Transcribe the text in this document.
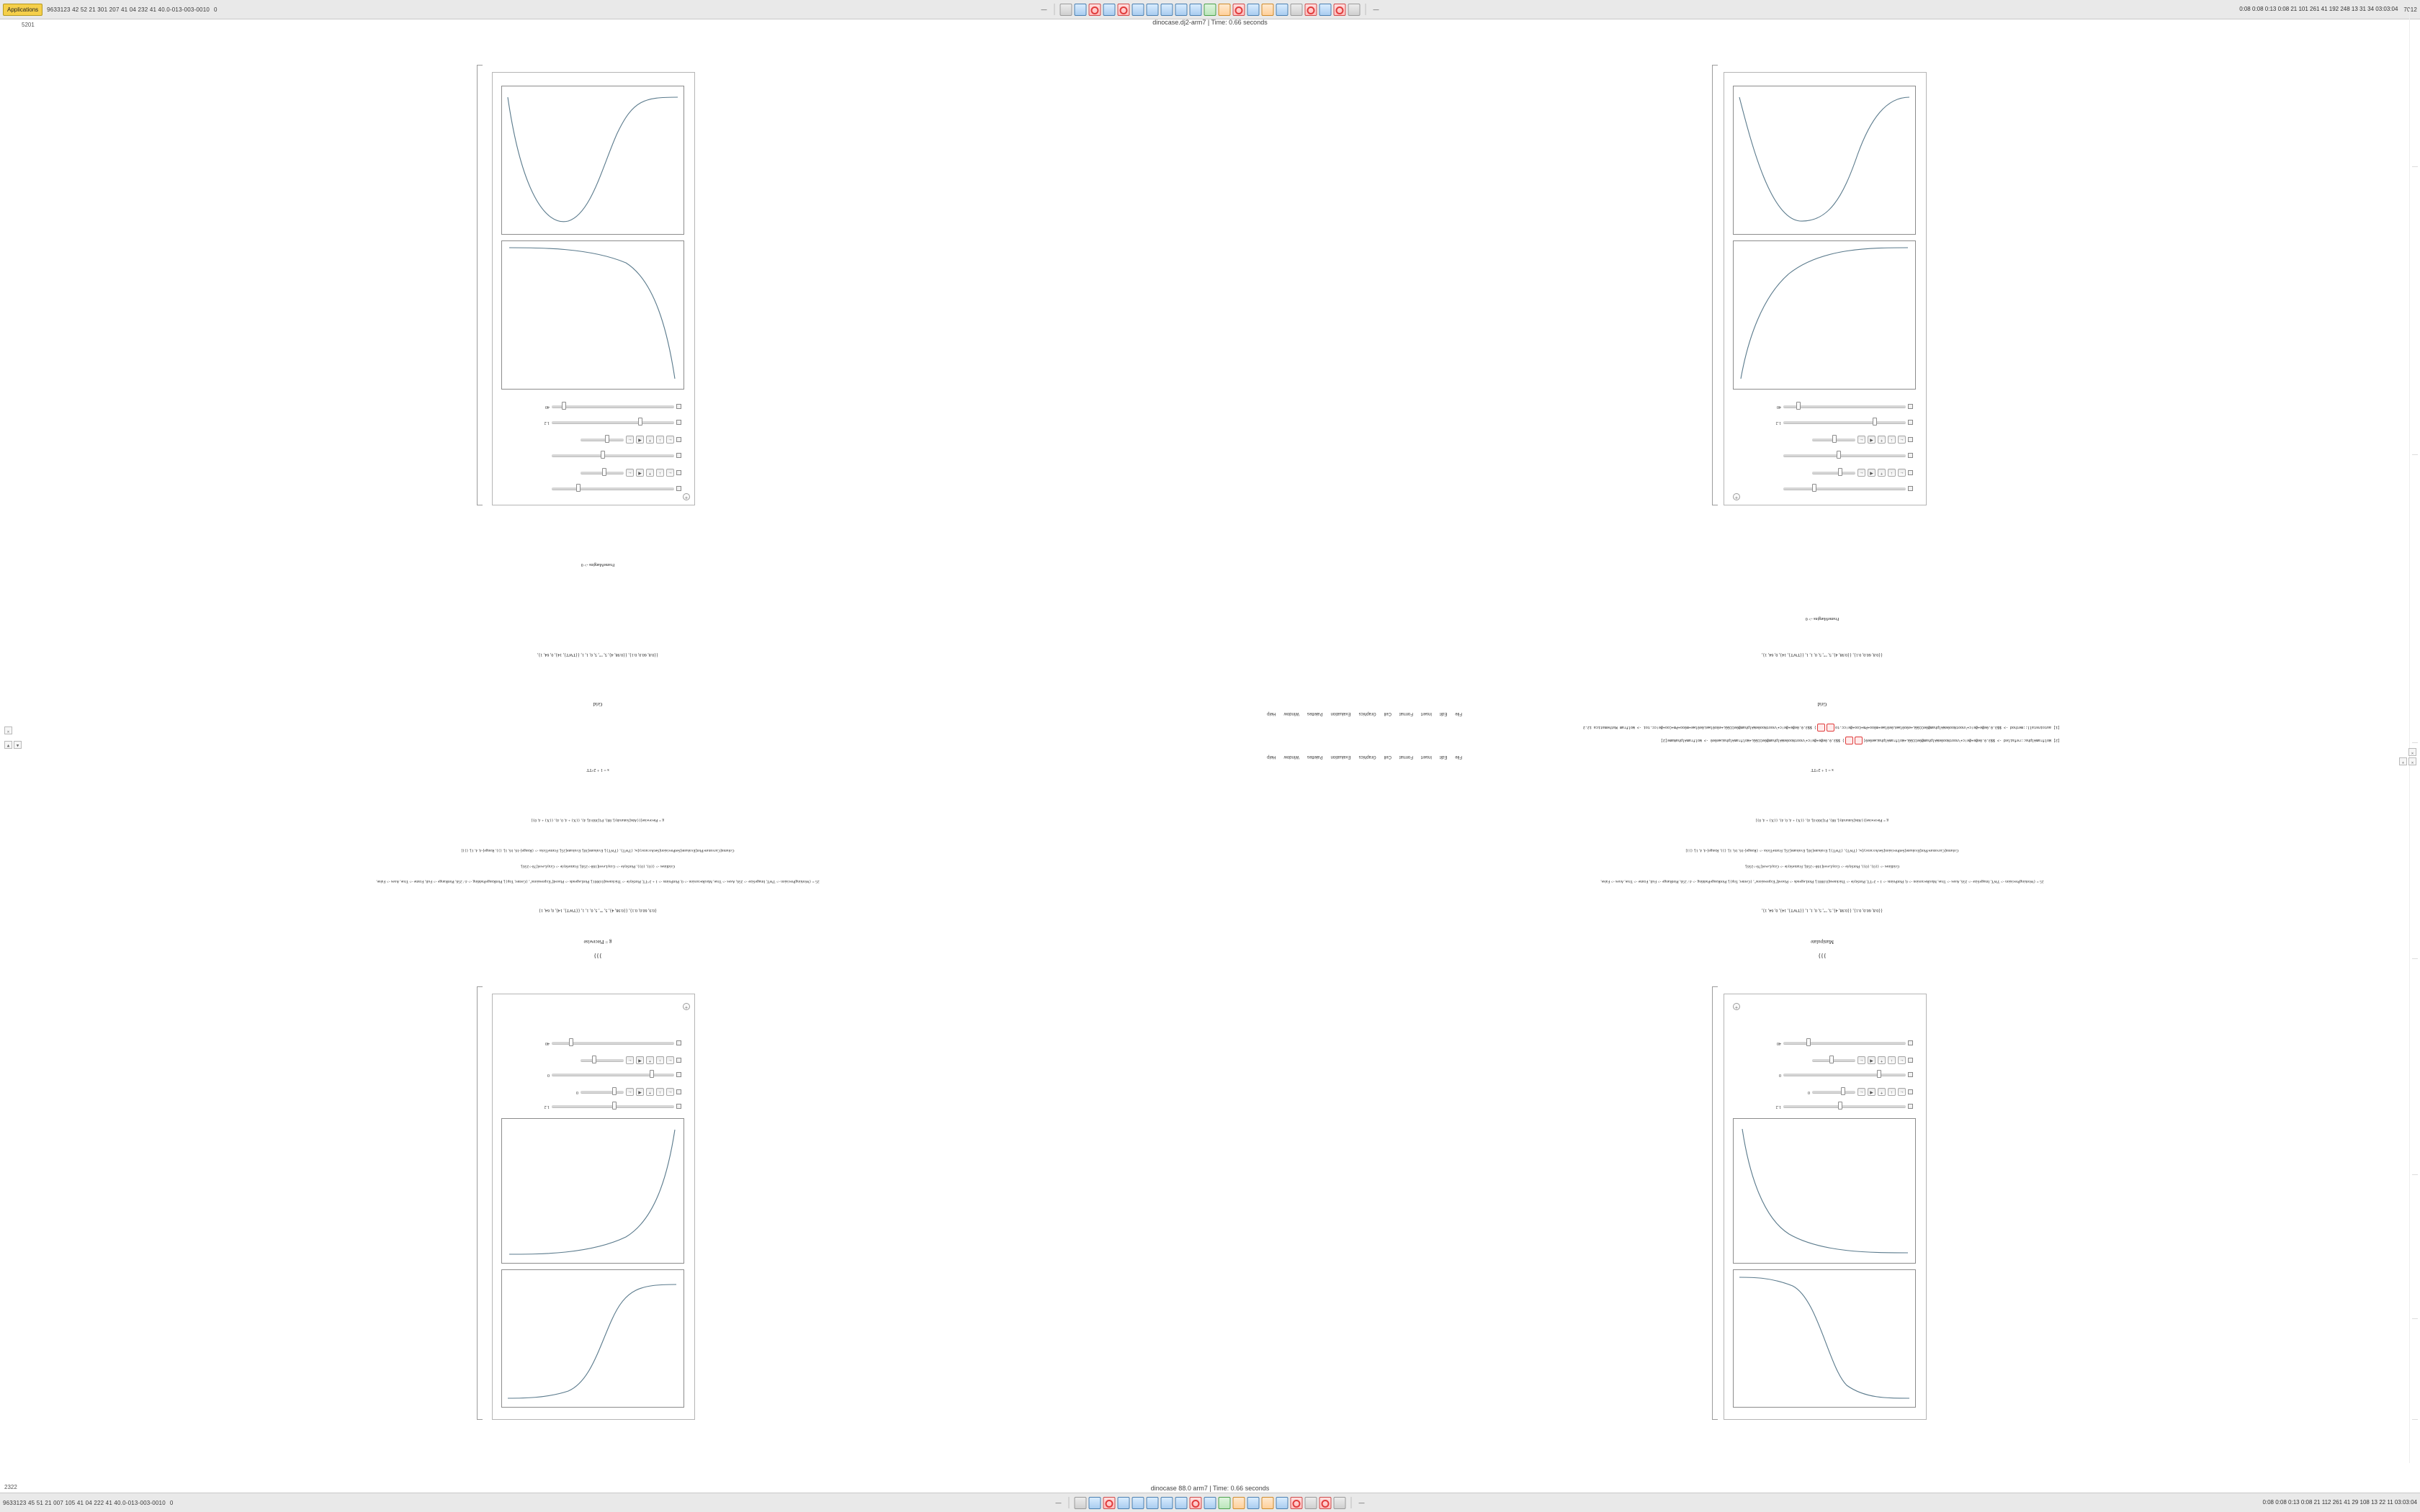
Applications	9633123 42 52 21 301 207 41 04 232 41 40.0-013-003-0010 0	—	—	0:08 0:08 0:13 0:08 21 101 261 41 192 248 13 31 34 03:03:04 7012
dinocase.dj2-arm7 | Time: 0.66 seconds
9633123 45 51 21 007 105 41 04 222 41 40.0-013-003-0010 0	—	—	0:08 0:08 0:13 0:08 21 112 261 41 29 108 13 22 11 03:03:04
dinocase 88.0 arm7 | Time: 0.66 seconds
2322
5201
×
×
+
1.2
←
↓
+
◀
←
0
0
←
↓
+
◀
←
40
+
1.2
←
↓
+
◀
←
0
0
←
↓
+
◀
←
40
+
←
↓
+
◀
←
←
↓
+
◀
←
1.2
40
+
←
↓
+
◀
←
←
↓
+
◀
←
1.2
40
+
}}}
Manipulate
{{0.8, 60.0, 0.1}, {{0.98, 4}, 5, "", 5, 0, 1, 1, {{TWT}, 14}, 0, 64, 1},
25 = {WorkingPrecision -> TWT, ImageSize -> 256, Axes -> True, MaxRecursion -> 0, PlotPoints -> 1 + 2^TT, PlotStyle -> Thickness[0.0001], PlotLegends -> Placed["Expressions", {Center, Top}], PlotRangePadding -> 4 / 256, PlotRange -> Full, Frame -> True, Axes -> False,
Gridlines -> {{0}, {0}}, PlotStyle -> GrayLevel[168->256], FrameStyle -> GrayLevel[78->256],
Column[Curvature/Plot[Evaluate[SetPrecision[SetAccuracy[w, {TWT}, {TWT}], Evaluate[30], Evaluate[25], FrameTicks -> {Range[-16, 16, 1], {}}, Range[-4, 4, 1], {}}]
g = Piecewise[{{Abs[Saturulty], 88}, P1[360/4], 4}, {{X} + 4, 0, 4}, {{X} + 4, 0}]
s = 1 + 2^TT
}}}
g = Piecewise
{0.9, 60.0, 0.1}, {{0.98, 4}, 5, "", 5, 0, 1, 1, {{TWT}, 14}, 0, 64, 1}
25 = {WorkingPrecision -> TWT, ImageSize -> 256, Axes -> True, MaxRecursion -> 0, PlotPoints -> 1 + 2^TT, PlotStyle -> Thickness[0.0001], PlotLegends -> Placed["Expressions", {Center, Top}], PlotRangePadding -> 4 / 256, PlotRange -> Full, Frame -> True, Axes -> False,
Gridlines -> {{0}, {0}}, PlotStyle -> GrayLevel[168->256], FrameStyle -> GrayLevel[78->256],
Column[Curvature/Plot[Evaluate[SetPrecision[SetAccuracy[w, {TWT}, {TWT}], Evaluate[30], Evaluate[25], FrameTicks -> {Range[-16, 16, 1], {}}, Range[-4, 4, 1], {}}]
g = Piecewise[{{Abs[Saturulty], 88}, P1[360/4], 4}, {{X} + 4, 0, 4}, {{X} + 4, 0}]
s = 1 + 2^TT
Grid
Grid
{{0.8, 60.0, 0.1}, {{0.98, 4}, 5, "", 5, 0, 1, 1, {{TWT}, 14}, 0, 64, 1},
{{0.8, 60.0, 0.1}, {{0.98, 4}, 5, "", 5, 0, 1, 1, {{TWT}, 14}, 0, 64, 1},
FrameMargins -> 0
FrameMargins -> 0
File
Edit
Insert
Format
Cell
Graphics
Evaluation
Palettes
Window
Help
File
Edit
Insert
Format
Cell
Graphics
Evaluation
Palettes
Window
Help
[2] WolframAlpha::refailed -> $$3.0.0e@e+@e!c+\nootNoo0eWAlpham@0eCCGGL+WolframAlphaLwe0e0() $$3.0.0e@e+@e!c+\nootNoo0eWAlpham@0eCCGGL+WolframAlphaLwe0e0 -> WolframAlphaName[2]
[1] autoinstall::method -> $$3.0.0e@e+@e!c+\nootNoo0eWAlpham@0eCCGGL+e0o0lweL0e0lwe+m0oo+Pm+Coo+@e!cc.to) $$3.0.0e@e+@e!c+\nootNoo0eWAlpham@0eCCGGL+e0o0lweL0e0lwe+m0oo+Pm+Coo+@e!cc.toi -> Wolfram Mathematica 12.2
▲
▼
×
